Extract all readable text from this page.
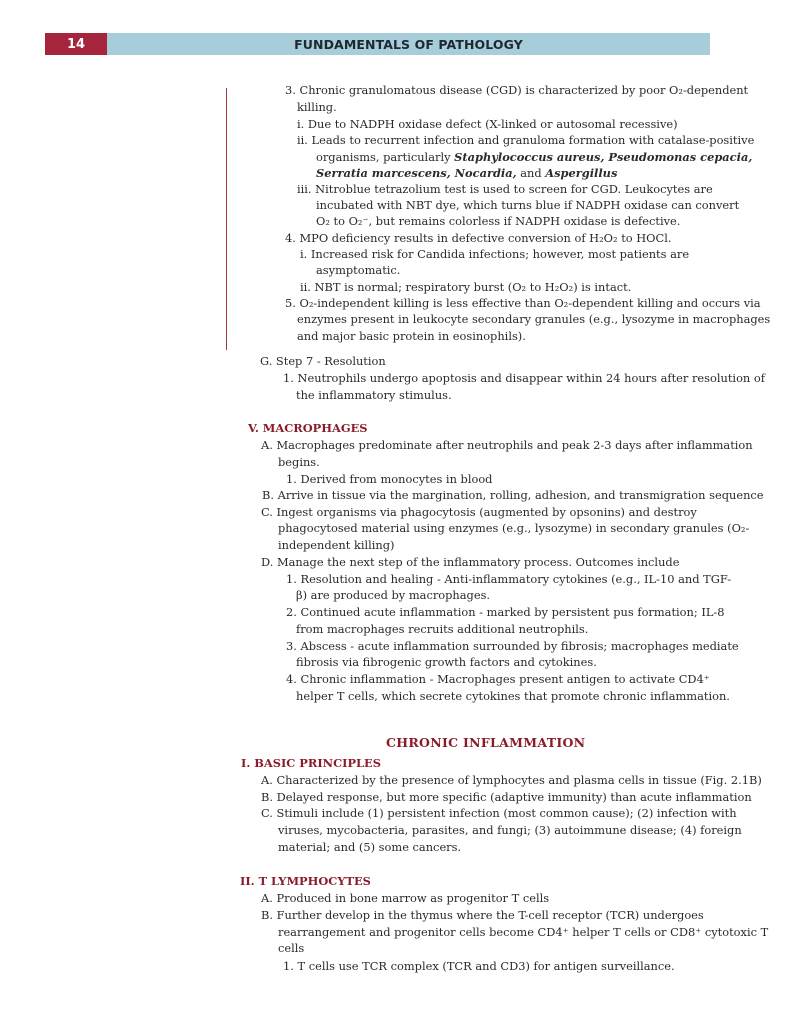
14	FUNDAMENTALS OF PATHOLOGY
3. Chronic granulomatous disease (CGD) is characterized by poor O₂-dependent
killing.
i. Due to NADPH oxidase defect (X-linked or autosomal recessive)
ii. Leads to recurrent infection and granuloma formation with catalase-positive
organisms, particularly Staphylococcus aureus, Pseudomonas cepacia,
Serratia marcescens, Nocardia, and Aspergillus
iii. Nitroblue tetrazolium test is used to screen for CGD. Leukocytes are
incubated with NBT dye, which turns blue if NADPH oxidase can convert
O₂ to O₂⁻, but remains colorless if NADPH oxidase is defective.
4. MPO deficiency results in defective conversion of H₂O₂ to HOCl.
i. Increased risk for Candida infections; however, most patients are
asymptomatic.
ii. NBT is normal; respiratory burst (O₂ to H₂O₂) is intact.
5. O₂-independent killing is less effective than O₂-dependent killing and occurs via
enzymes present in leukocyte secondary granules (e.g., lysozyme in macrophages
and major basic protein in eosinophils).
G. Step 7 - Resolution
1. Neutrophils undergo apoptosis and disappear within 24 hours after resolution of
the inflammatory stimulus.
V. MACROPHAGES
A. Macrophages predominate after neutrophils and peak 2-3 days after inflammation
begins.
1. Derived from monocytes in blood
B. Arrive in tissue via the margination, rolling, adhesion, and transmigration sequence
C. Ingest organisms via phagocytosis (augmented by opsonins) and destroy
phagocytosed material using enzymes (e.g., lysozyme) in secondary granules (O₂-
independent killing)
D. Manage the next step of the inflammatory process. Outcomes include
1. Resolution and healing - Anti-inflammatory cytokines (e.g., IL-10 and TGF-
β) are produced by macrophages.
2. Continued acute inflammation - marked by persistent pus formation; IL-8
from macrophages recruits additional neutrophils.
3. Abscess - acute inflammation surrounded by fibrosis; macrophages mediate
fibrosis via fibrogenic growth factors and cytokines.
4. Chronic inflammation - Macrophages present antigen to activate CD4⁺
helper T cells, which secrete cytokines that promote chronic inflammation.
CHRONIC INFLAMMATION
I. BASIC PRINCIPLES
A. Characterized by the presence of lymphocytes and plasma cells in tissue (Fig. 2.1B)
B. Delayed response, but more specific (adaptive immunity) than acute inflammation
C. Stimuli include (1) persistent infection (most common cause); (2) infection with
viruses, mycobacteria, parasites, and fungi; (3) autoimmune disease; (4) foreign
material; and (5) some cancers.
II. T LYMPHOCYTES
A. Produced in bone marrow as progenitor T cells
B. Further develop in the thymus where the T-cell receptor (TCR) undergoes
rearrangement and progenitor cells become CD4⁺ helper T cells or CD8⁺ cytotoxic T
cells
1. T cells use TCR complex (TCR and CD3) for antigen surveillance.
